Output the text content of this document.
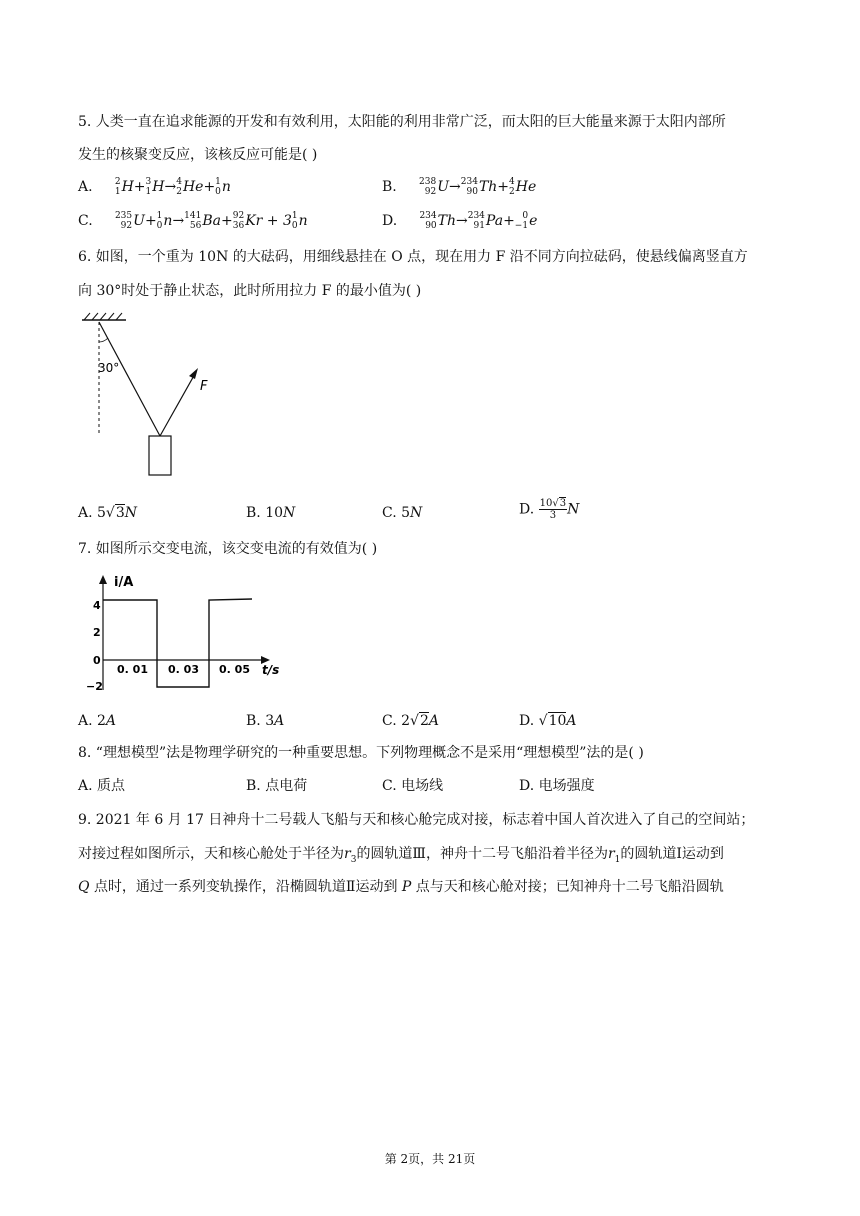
5. 人类一直在追求能源的开发和有效利用，太阳能的利用非常广泛，而太阳的巨大能量来源于太阳内部所
发生的核聚变反应，该核反应可能是( )
A. 2
1H+3
1H→4
2He+1
0n	B. 238
92U→234
90Th+4
2He
C. 235
92U+1
0n→141
56Ba+92
36Kr + 31
0n	D. 234
90Th→234
91Pa+ 0
−1e
6. 如图，一个重为 10N 的大砝码，用细线悬挂在 O 点，现在用力 F 沿不同方向拉砝码，使悬线偏离竖直方
向 30°时处于静止状态，此时所用拉力 F 的最小值为( )
30°
F
A. 5√3N	B. 10N	C. 5N	D. $\frac{10√3}{3}$ N
7. 如图所示交变电流，该交变电流的有效值为( )
i/A
t/s
4
2
0
−2
0. 01 0. 03 0. 05
A. 2A	B. 3A	C. 2√2A	D. √10A
8. “理想模型”法是物理学研究的一种重要思想。下列物理概念不是采用“理想模型”法的是( )
A. 质点	B. 点电荷	C. 电场线	D. 电场强度
9. 2021 年 6 月 17 日神舟十二号载人飞船与天和核心舱完成对接，标志着中国人首次进入了自己的空间站；
对接过程如图所示，天和核心舱处于半径为$r_3$的圆轨道Ⅲ，神舟十二号飞船沿着半径为$r_1$的圆轨道Ⅰ运动到
Q 点时，通过一系列变轨操作，沿椭圆轨道Ⅱ运动到 P 点与天和核心舱对接；已知神舟十二号飞船沿圆轨
第 2页，共 21页
